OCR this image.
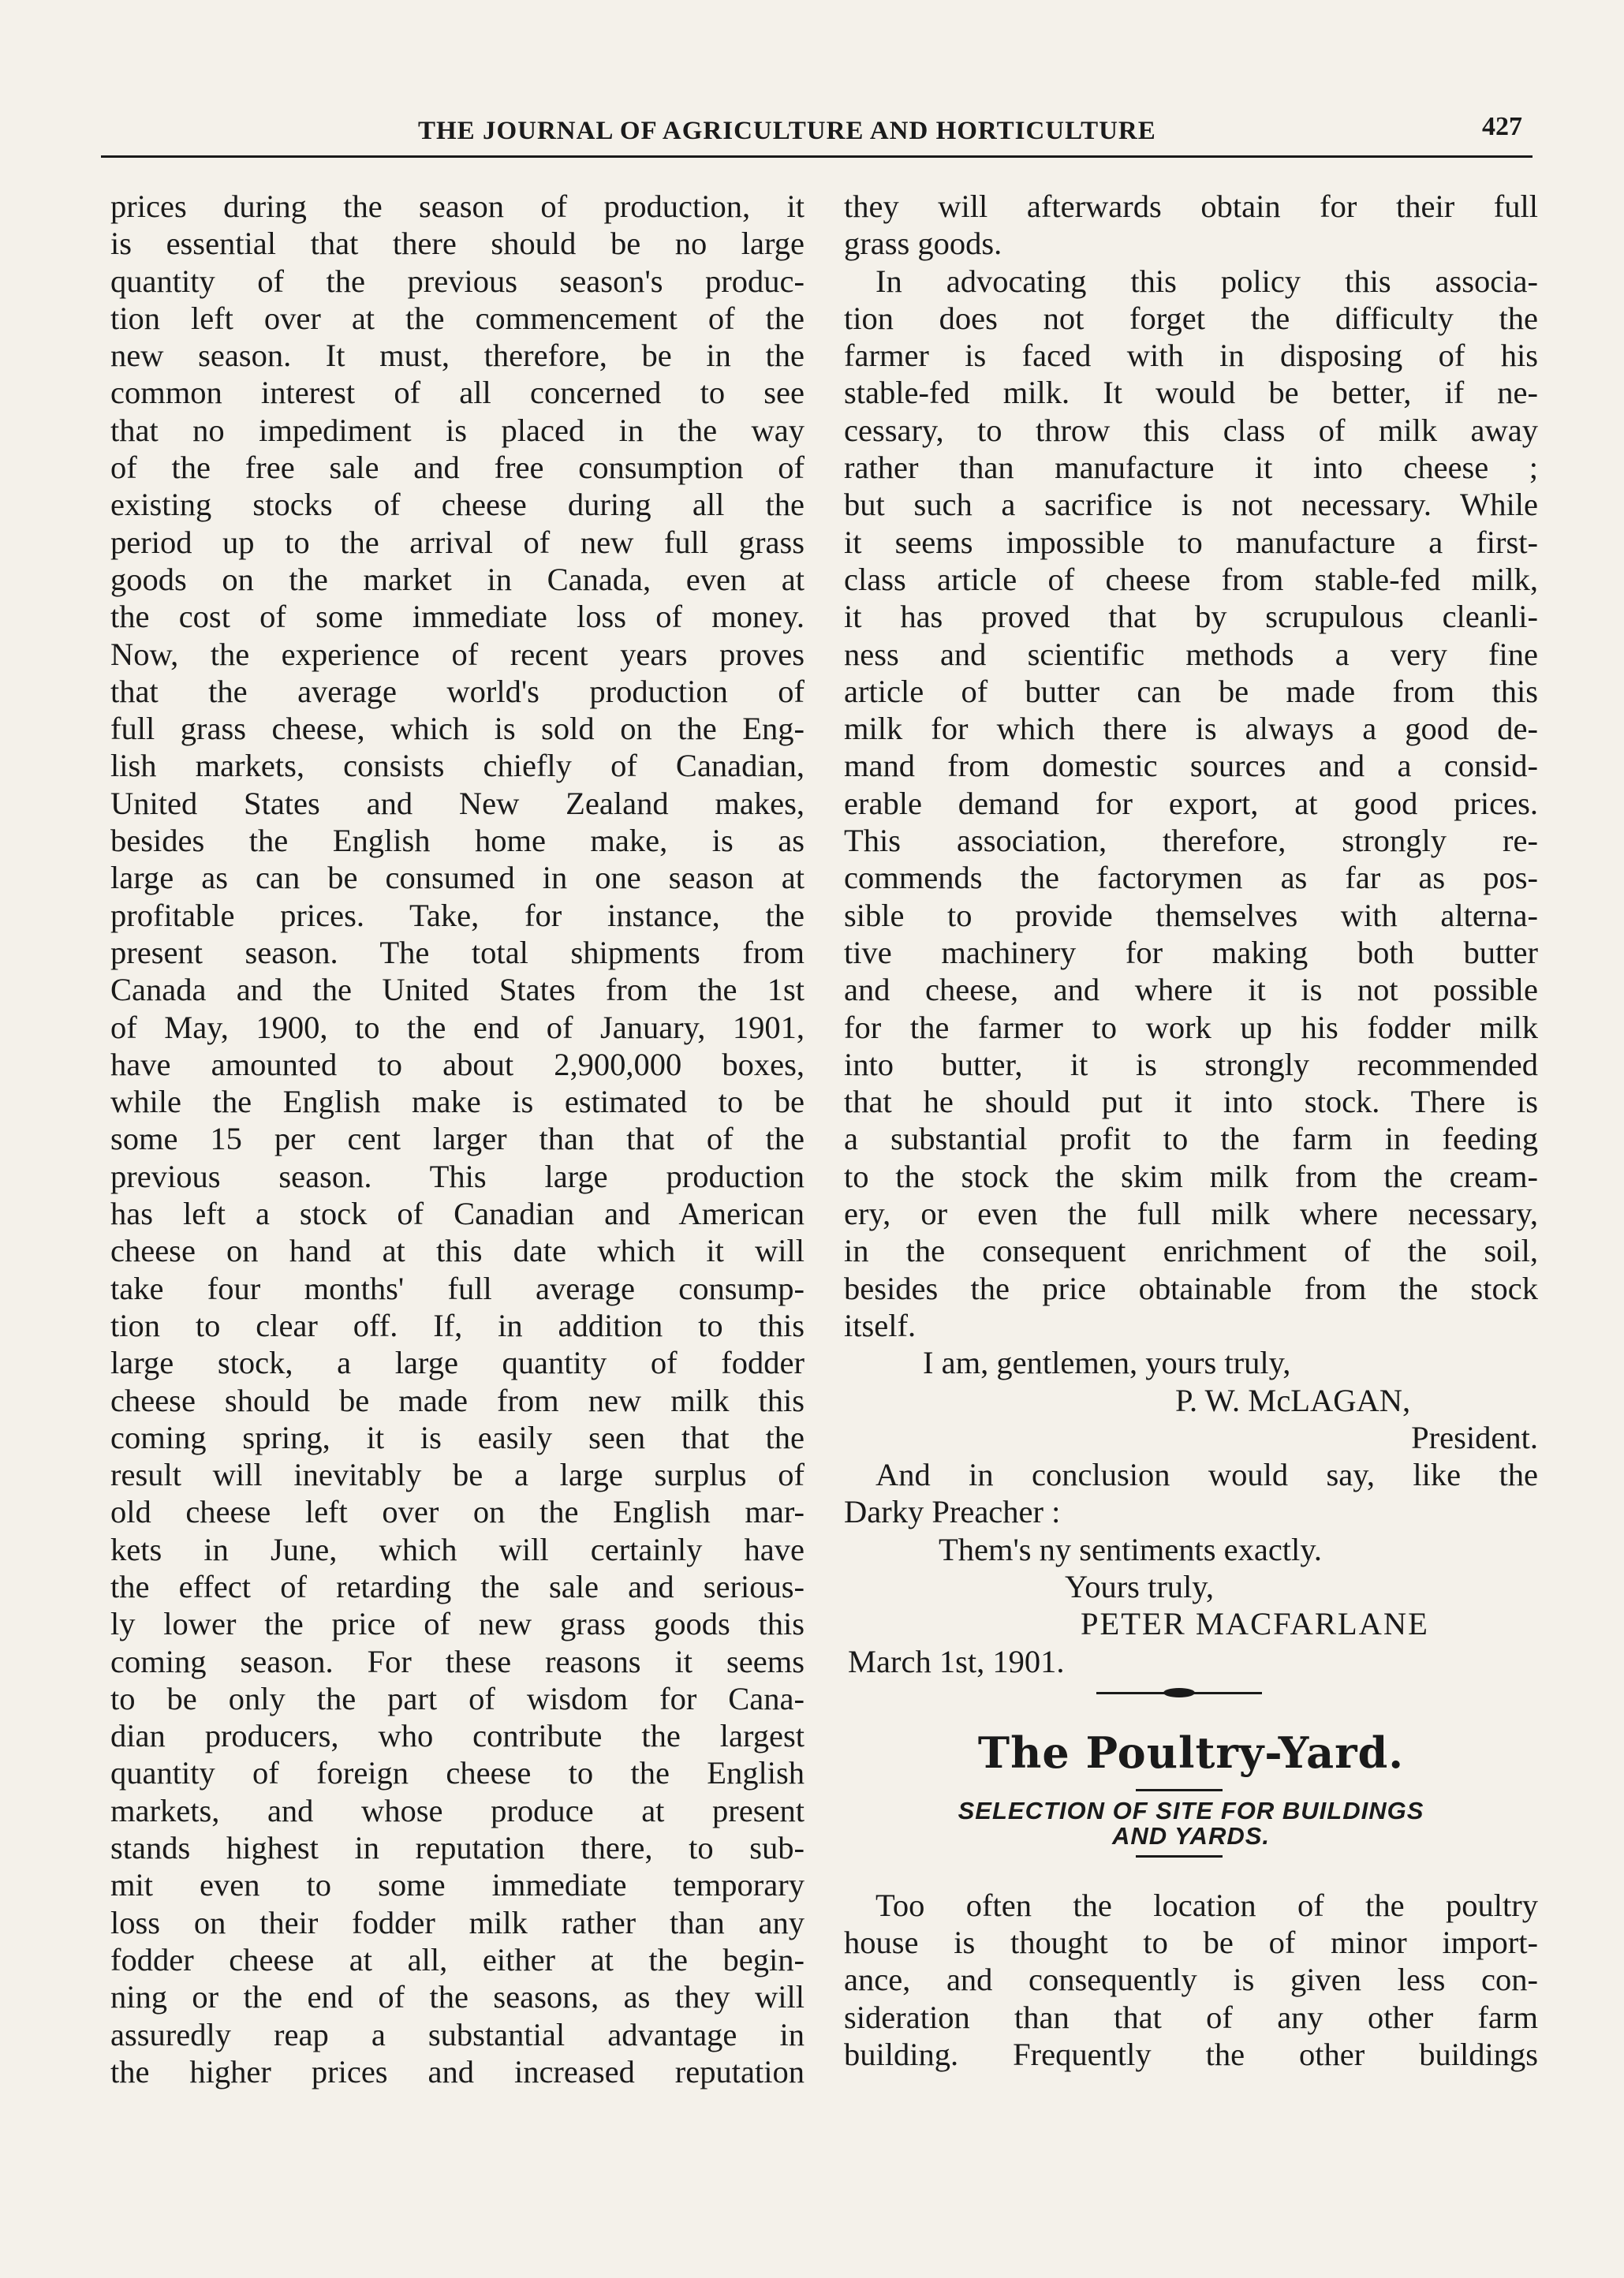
THE JOURNAL OF AGRICULTURE AND HORTICULTURE	427
prices during the season of production, it
is essential that there should be no large
quantity of the previous season's produc-
tion left over at the commencement of the
new season. It must, therefore, be in the
common interest of all concerned to see
that no impediment is placed in the way
of the free sale and free consumption of
existing stocks of cheese during all the
period up to the arrival of new full grass
goods on the market in Canada, even at
the cost of some immediate loss of money.
Now, the experience of recent years proves
that the average world's production of
full grass cheese, which is sold on the Eng-
lish markets, consists chiefly of Canadian,
United States and New Zealand makes,
besides the English home make, is as
large as can be consumed in one season at
profitable prices. Take, for instance, the
present season. The total shipments from
Canada and the United States from the 1st
of May, 1900, to the end of January, 1901,
have amounted to about 2,900,000 boxes,
while the English make is estimated to be
some 15 per cent larger than that of the
previous season. This large production
has left a stock of Canadian and American
cheese on hand at this date which it will
take four months' full average consump-
tion to clear off. If, in addition to this
large stock, a large quantity of fodder
cheese should be made from new milk this
coming spring, it is easily seen that the
result will inevitably be a large surplus of
old cheese left over on the English mar-
kets in June, which will certainly have
the effect of retarding the sale and serious-
ly lower the price of new grass goods this
coming season. For these reasons it seems
to be only the part of wisdom for Cana-
dian producers, who contribute the largest
quantity of foreign cheese to the English
markets, and whose produce at present
stands highest in reputation there, to sub-
mit even to some immediate temporary
loss on their fodder milk rather than any
fodder cheese at all, either at the begin-
ning or the end of the seasons, as they will
assuredly reap a substantial advantage in
the higher prices and increased reputation
they will afterwards obtain for their full
grass goods.
In advocating this policy this associa-
tion does not forget the difficulty the
farmer is faced with in disposing of his
stable-fed milk. It would be better, if ne-
cessary, to throw this class of milk away
rather than manufacture it into cheese ;
but such a sacrifice is not necessary. While
it seems impossible to manufacture a first-
class article of cheese from stable-fed milk,
it has proved that by scrupulous cleanli-
ness and scientific methods a very fine
article of butter can be made from this
milk for which there is always a good de-
mand from domestic sources and a consid-
erable demand for export, at good prices.
This association, therefore, strongly re-
commends the factorymen as far as pos-
sible to provide themselves with alterna-
tive machinery for making both butter
and cheese, and where it is not possible
for the farmer to work up his fodder milk
into butter, it is strongly recommended
that he should put it into stock. There is
a substantial profit to the farm in feeding
to the stock the skim milk from the cream-
ery, or even the full milk where necessary,
in the consequent enrichment of the soil,
besides the price obtainable from the stock
itself.
I am, gentlemen, yours truly,
P. W. McLAGAN,
President.
And in conclusion would say, like the
Darky Preacher :
Them's ny sentiments exactly.
Yours truly,
PETER MACFARLANE
March 1st, 1901.
The Poultry-Yard.
SELECTION OF SITE FOR BUILDINGS
AND YARDS.
Too often the location of the poultry
house is thought to be of minor import-
ance, and consequently is given less con-
sideration than that of any other farm
building. Frequently the other buildings
